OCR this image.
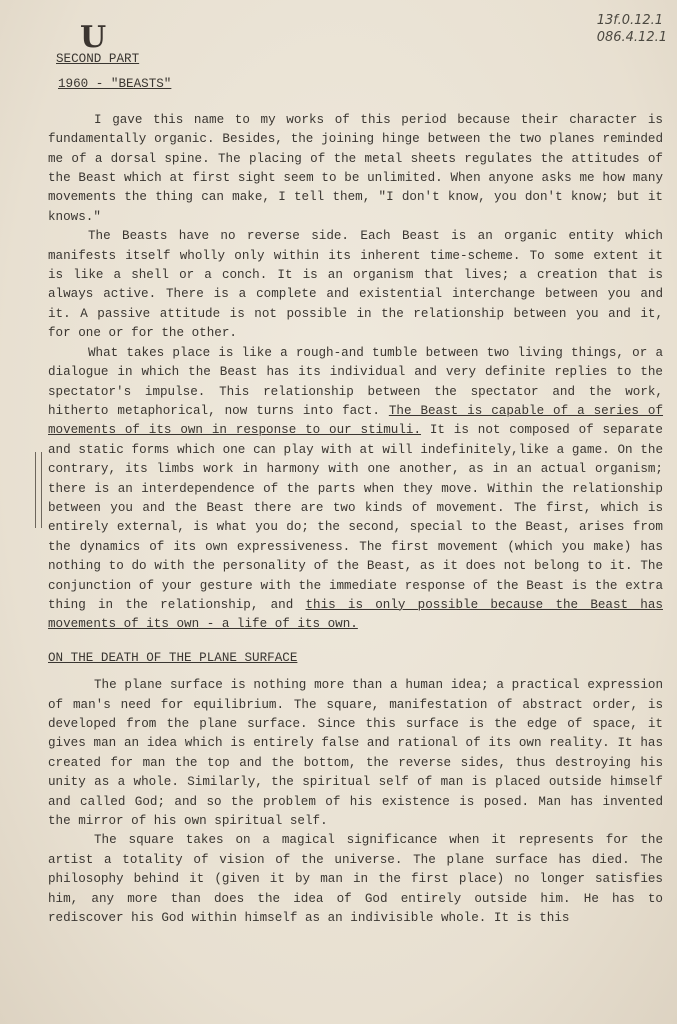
13f.0.12.1
086.4.12.1
U
SECOND PART
1960 - "BEASTS"

I gave this name to my works of this period because their character is fundamentally organic. Besides, the joining hinge between the two planes reminded me of a dorsal spine. The placing of the metal sheets regulates the attitudes of the Beast which at first sight seem to be unlimited. When anyone asks me how many movements the thing can make, I tell them, "I don't know, you don't know; but it knows."

The Beasts have no reverse side. Each Beast is an organic entity which manifests itself wholly only within its inherent time-scheme. To some extent it is like a shell or a conch. It is an organism that lives; a creation that is always active. There is a complete and existential interchange between you and it. A passive attitude is not possible in the relationship between you and it, for one or for the other.

What takes place is like a rough-and tumble between two living things, or a dialogue in which the Beast has its individual and very definite replies to the spectator's impulse. This relationship between the spectator and the work, hitherto metaphorical, now turns into fact. The Beast is capable of a series of movements of its own in response to our stimuli. It is not composed of separate and static forms which one can play with at will indefinitely,like a game. On the contrary, its limbs work in harmony with one another, as in an actual organism; there is an interdependence of the parts when they move. Within the relationship between you and the Beast there are two kinds of movement. The first, which is entirely external, is what you do; the second, special to the Beast, arises from the dynamics of its own expressiveness. The first movement (which you make) has nothing to do with the personality of the Beast, as it does not belong to it. The conjunction of your gesture with the immediate response of the Beast is the extra thing in the relationship, and this is only possible because the Beast has movements of its own - a life of its own.

ON THE DEATH OF THE PLANE SURFACE

The plane surface is nothing more than a human idea; a practical expression of man's need for equilibrium. The square, manifestation of abstract order, is developed from the plane surface. Since this surface is the edge of space, it gives man an idea which is entirely false and rational of its own reality. It has created for man the top and the bottom, the reverse sides, thus destroying his unity as a whole. Similarly, the spiritual self of man is placed outside himself and called God; and so the problem of his existence is posed. Man has invented the mirror of his own spiritual self.

The square takes on a magical significance when it represents for the artist a totality of vision of the universe. The plane surface has died. The philosophy behind it (given it by man in the first place) no longer satisfies him, any more than does the idea of God entirely outside him. He has to rediscover his God within himself as an indivisible whole. It is this
